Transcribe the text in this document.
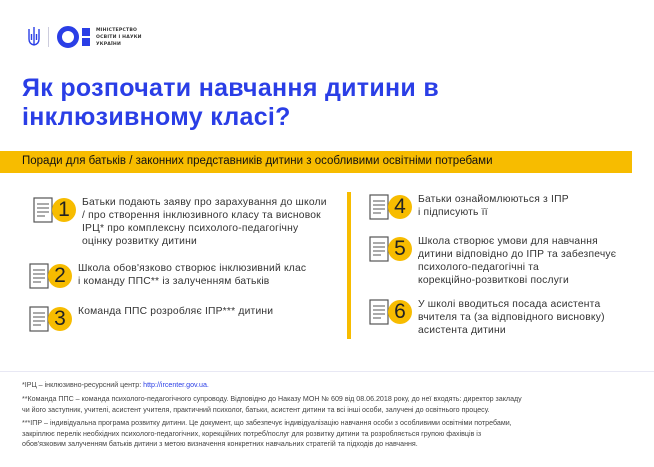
МІНІСТЕРСТВО
ОСВІТИ І НАУКИ
УКРАЇНИ
Як розпочати навчання дитини в
інклюзивному класі?
Поради для батьків / законних представників дитини з особливими освітніми потребами
1	Батьки подають заяву про зарахування до школи
/ про створення інклюзивного класу та висновок
ІРЦ* про комплексну психолого-педагогічну
оцінку розвитку дитини
2	Школа обов'язково створює інклюзивний клас
і команду ППС** із залученням батьків
3	Команда ППС розробляє ІПР*** дитини
4	Батьки ознайомлюються з ІПР
і підписують її
5	Школа створює умови для навчання
дитини відповідно до ІПР та забезпечує
психолого-педагогічні та
корекційно-розвиткові послуги
6	У школі вводиться посада асистента
вчителя та (за відповідного висновку)
асистента дитини
*ІРЦ – інклюзивно-ресурсний центр: http://ircenter.gov.ua.
**Команда ППС – команда психолого-педагогічного супроводу. Відповідно до Наказу МОН № 609 від 08.06.2018 року, до неї входять: директор закладу
чи його заступник, учителі, асистент учителя, практичний психолог, батьки, асистент дитини та всі інші особи, залучені до освітнього процесу.
***ІПР – індивідуальна програма розвитку дитини. Це документ, що забезпечує індивідуалізацію навчання особи з особливими освітніми потребами,
закріплює перелік необхідних психолого-педагогічних, корекційних потреб/послуг для розвитку дитини та розробляється групою фахівців із
обов'язковим залученням батьків дитини з метою визначення конкретних навчальних стратегій та підходів до навчання.
